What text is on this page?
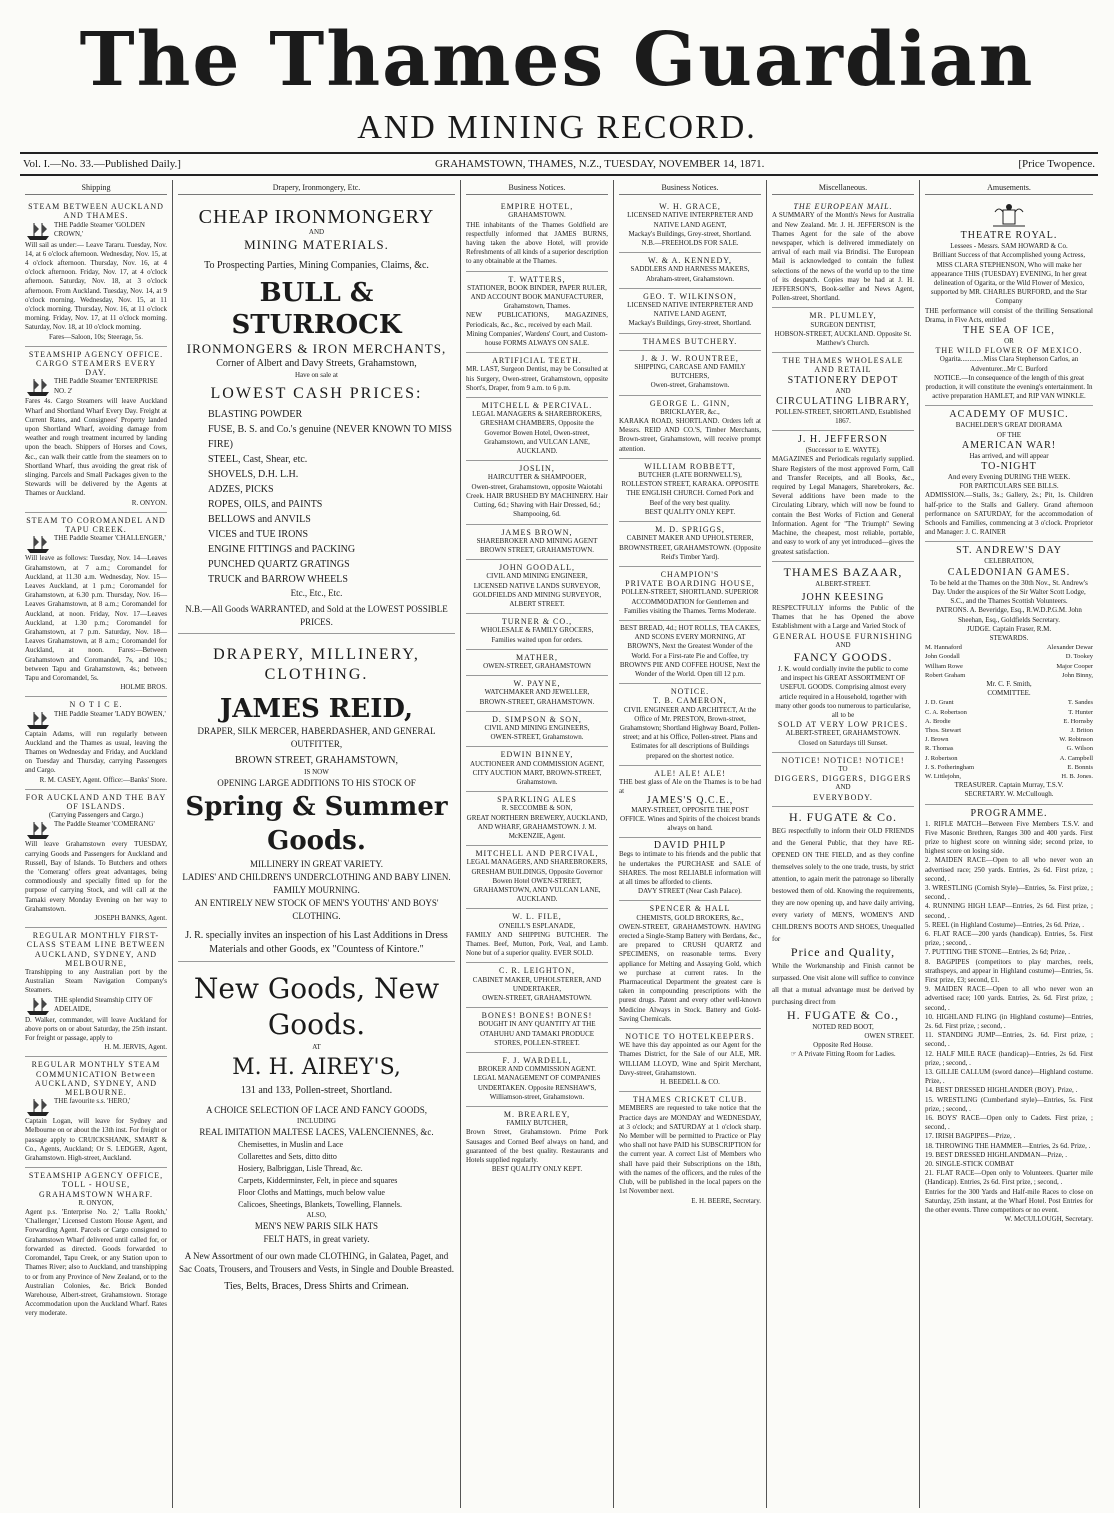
The Thames Guardian
AND MINING RECORD.
Vol. I.—No. 33.—Published Daily.]	GRAHAMSTOWN, THAMES, N.Z., TUESDAY, NOVEMBER 14, 1871.	[Price Twopence.
Shipping
STEAM BETWEEN AUCKLAND AND THAMES.
THE Paddle Steamer 'GOLDEN CROWN,'
Will sail as under:— Leave Tararu. Tuesday, Nov. 14, at 6 o'clock afternoon. Wednesday, Nov. 15, at 4 o'clock afternoon. Thursday, Nov. 16, at 4 o'clock afternoon. Friday, Nov. 17, at 4 o'clock afternoon. Saturday, Nov. 18, at 3 o'clock afternoon. From Auckland. Tuesday, Nov. 14, at 9 o'clock morning. Wednesday, Nov. 15, at 11 o'clock morning. Thursday, Nov. 16, at 11 o'clock morning. Friday, Nov. 17, at 11 o'clock morning. Saturday, Nov. 18, at 10 o'clock morning.
Fares—Saloon, 10s; Steerage, 5s.
STEAMSHIP AGENCY OFFICE.
CARGO STEAMERS EVERY DAY.
THE Paddle Steamer 'ENTERPRISE NO. 2'
Fares 4s. Cargo Steamers will leave Auckland Wharf and Shortland Wharf Every Day. Freight at Current Rates, and Consignees' Property landed upon Shortland Wharf, avoiding damage from weather and rough treatment incurred by landing upon the beach. Shippers of Horses and Cows, &c., can walk their cattle from the steamers on to Shortland Wharf, thus avoiding the great risk of slinging. Parcels and Small Packages given to the Stewards will be delivered by the Agents at Thames or Auckland.
R. ONYON.
STEAM TO COROMANDEL AND TAPU CREEK.
THE Paddle Steamer 'CHALLENGER,'
Will leave as follows: Tuesday, Nov. 14—Leaves Grahamstown, at 7 a.m.; Coromandel for Auckland, at 11.30 a.m. Wednesday, Nov. 15—Leaves Auckland, at 1 p.m.; Coromandel for Grahamstown, at 6.30 p.m. Thursday, Nov. 16—Leaves Grahamstown, at 8 a.m.; Coromandel for Auckland, at noon. Friday, Nov. 17—Leaves Auckland, at 1.30 p.m.; Coromandel for Grahamstown, at 7 p.m. Saturday, Nov. 18—Leaves Grahamstown, at 8 a.m.; Coromandel for Auckland, at noon. Fares:—Between Grahamstown and Coromandel, 7s, and 10s.; between Tapu and Grahamstown, 4s.; between Tapu and Coromandel, 5s.
HOLME BROS.
N O T I C E.
THE Paddle Steamer 'LADY BOWEN,'
Captain Adams, will run regularly between Auckland and the Thames as usual, leaving the Thames on Wednesday and Friday, and Auckland on Tuesday and Thursday, carrying Passengers and Cargo.
R. M. CASEY, Agent. Office:—Banks' Store.
FOR AUCKLAND AND THE BAY OF ISLANDS.
(Carrying Passengers and Cargo.)
The Paddle Steamer 'COMERANG'
Will leave Grahamstown every TUESDAY, carrying Goods and Passengers for Auckland and Russell, Bay of Islands. To Butchers and others the 'Comerang' offers great advantages, being commodiously and specially fitted up for the purpose of carrying Stock, and will call at the Tamaki every Monday Evening on her way to Grahamstown.
JOSEPH BANKS, Agent.
REGULAR MONTHLY FIRST-CLASS STEAM LINE BETWEEN AUCKLAND, SYDNEY, AND MELBOURNE,
Transhipping to any Australian port by the Australian Steam Navigation Company's Steamers.
THE splendid Steamship CITY OF ADELAIDE,
D. Walker, commander, will leave Auckland for above ports on or about Saturday, the 25th instant. For freight or passage, apply to
H. M. JERVIS, Agent.
REGULAR MONTHLY STEAM COMMUNICATION Between AUCKLAND, SYDNEY, AND MELBOURNE.
THE favourite s.s. 'HERO,'
Captain Logan, will leave for Sydney and Melbourne on or about the 13th inst. For freight or passage apply to CRUICKSHANK, SMART & Co., Agents, Auckland; Or S. LEDGER, Agent, Grahamstown. High-street, Auckland.
STEAMSHIP AGENCY OFFICE, TOLL - HOUSE, GRAHAMSTOWN WHARF.
R. ONYON,
Agent p.s. 'Enterprise No. 2,' 'Lalla Rookh,' 'Challenger,' Licensed Custom House Agent, and Forwarding Agent. Parcels or Cargo consigned to Grahamstown Wharf delivered until called for, or forwarded as directed. Goods forwarded to Coromandel, Tapu Creek, or any Station upon to Thames River; also to Auckland, and transhipping to or from any Province of New Zealand, or to the Australian Colonies, &c. Brick Bonded Warehouse, Albert-street, Grahamstown. Storage Accommodation upon the Auckland Wharf. Rates very moderate.
Drapery, Ironmongery, Etc.
CHEAP IRONMONGERY
AND
MINING MATERIALS.
To Prospecting Parties, Mining Companies, Claims, &c.
BULL & STURROCK
IRONMONGERS & IRON MERCHANTS,
Corner of Albert and Davy Streets, Grahamstown,
Have on sale at
LOWEST CASH PRICES:
BLASTING POWDER
FUSE, B. S. and Co.'s genuine (NEVER KNOWN TO MISS FIRE)
STEEL, Cast, Shear, etc.
SHOVELS, D.H. L.H.
ADZES, PICKS
ROPES, OILS, and PAINTS
BELLOWS and ANVILS
VICES and TUE IRONS
ENGINE FITTINGS and PACKING
PUNCHED QUARTZ GRATINGS
TRUCK and BARROW WHEELS
Etc., Etc., Etc.
N.B.—All Goods WARRANTED, and Sold at the LOWEST POSSIBLE PRICES.
DRAPERY, MILLINERY, CLOTHING.
JAMES REID,
DRAPER, SILK MERCER, HABERDASHER, AND GENERAL OUTFITTER,
BROWN STREET, GRAHAMSTOWN,
IS NOW
OPENING LARGE ADDITIONS TO HIS STOCK OF
Spring & Summer Goods.
MILLINERY IN GREAT VARIETY.
LADIES' AND CHILDREN'S UNDERCLOTHING AND BABY LINEN.
FAMILY MOURNING.
AN ENTIRELY NEW STOCK OF MEN'S YOUTHS' AND BOYS' CLOTHING.
J. R. specially invites an inspection of his Last Additions in Dress Materials and other Goods, ex "Countess of Kintore."
New Goods, New Goods.
AT
M. H. AIREY'S,
131 and 133, Pollen-street, Shortland.
A CHOICE SELECTION OF LACE AND FANCY GOODS,
INCLUDING
REAL IMITATION MALTESE LACES, VALENCIENNES, &c.
Chemisettes, in Muslin and Lace
Collarettes and Sets, ditto ditto
Hosiery, Balbriggan, Lisle Thread, &c.
Carpets, Kidderminster, Felt, in piece and squares
Floor Cloths and Mattings, much below value
Calicoes, Sheetings, Blankets, Towelling, Flannels.
ALSO,
MEN'S NEW PARIS SILK HATS
FELT HATS, in great variety.
A New Assortment of our own made CLOTHING, in Galatea, Paget, and Sac Coats, Trousers, and Trousers and Vests, in Single and Double Breasted.
Ties, Belts, Braces, Dress Shirts and Crimean.
Business Notices.
EMPIRE HOTEL,
GRAHAMSTOWN.
THE inhabitants of the Thames Goldfield are respectfully informed that JAMES BURNS, having taken the above Hotel, will provide Refreshments of all kinds of a superior description to any obtainable at the Thames.
T. WATTERS,
STATIONER, BOOK BINDER, PAPER RULER,
AND ACCOUNT BOOK MANUFACTURER, Grahamstown, Thames.
NEW PUBLICATIONS, MAGAZINES, Periodicals, &c., &c., received by each Mail.
Mining Companies', Wardens' Court, and Custom-house FORMS ALWAYS ON SALE.
ARTIFICIAL TEETH.
MR. LAST, Surgeon Dentist, may be Consulted at his Surgery, Owen-street, Grahamstown, opposite Short's, Draper, from 9 a.m. to 6 p.m.
MITCHELL & PERCIVAL.
LEGAL MANAGERS & SHAREBROKERS,
GRESHAM CHAMBERS, Opposite the Governor Bowen Hotel, Owen-street, Grahamstown, and VULCAN LANE, AUCKLAND.
JOSLIN,
HAIRCUTTER & SHAMPOOER,
Owen-street, Grahamstown, opposite Waiotahi Creek. HAIR BRUSHED BY MACHINERY. Hair Cutting, 6d.; Shaving with Hair Dressed, 6d.; Shampooing, 6d.
JAMES BROWN,
SHAREBROKER AND MINING AGENT
BROWN STREET, GRAHAMSTOWN.
JOHN GOODALL,
CIVIL AND MINING ENGINEER,
LICENSED NATIVE LANDS SURVEYOR, GOLDFIELDS AND MINING SURVEYOR, ALBERT STREET.
TURNER & CO.,
WHOLESALE & FAMILY GROCERS,
Families waited upon for orders.
MATHER,
OWEN-STREET, GRAHAMSTOWN
W. PAYNE,
WATCHMAKER AND JEWELLER,
BROWN-STREET, GRAHAMSTOWN.
D. SIMPSON & SON,
CIVIL AND MINING ENGINEERS,
OWEN-STREET, Grahamstown.
EDWIN BINNEY,
AUCTIONEER AND COMMISSION AGENT,
CITY AUCTION MART, BROWN-STREET, Grahamstown.
SPARKLING ALES
R. SECCOMBE & SON,
GREAT NORTHERN BREWERY, AUCKLAND, AND WHARF, GRAHAMSTOWN. J. M. McKENZIE, Agent.
MITCHELL AND PERCIVAL,
LEGAL MANAGERS, AND SHAREBROKERS,
GRESHAM BUILDINGS, Opposite Governor Bowen Hotel OWEN-STREET, GRAHAMSTOWN, AND VULCAN LANE, AUCKLAND.
W. L. FILE,
O'NEILL'S ESPLANADE,
FAMILY AND SHIPPING BUTCHER. The Thames. Beef, Mutton, Pork, Veal, and Lamb. None but of a superior quality. EVER SOLD.
C. R. LEIGHTON,
CABINET MAKER, UPHOLSTERER, AND UNDERTAKER,
OWEN-STREET, GRAHAMSTOWN.
BONES! BONES! BONES!
BOUGHT IN ANY QUANTITY AT THE OTAHUHU AND TAMAKI PRODUCE STORES, POLLEN-STREET.
F. J. WARDELL,
BROKER AND COMMISSION AGENT.
LEGAL MANAGEMENT OF COMPANIES UNDERTAKEN. Opposite RENSHAW'S, Williamson-street, Grahamstown.
M. BREARLEY,
FAMILY BUTCHER,
Brown Street, Grahamstown. Prime Pork Sausages and Corned Beef always on hand, and guaranteed of the best quality. Restaurants and Hotels supplied regularly.
BEST QUALITY ONLY KEPT.
Business Notices.
W. H. GRACE,
LICENSED NATIVE INTERPRETER AND NATIVE LAND AGENT,
Mackay's Buildings, Grey-street, Shortland.
N.B.—FREEHOLDS FOR SALE.
W. & A. KENNEDY,
SADDLERS AND HARNESS MAKERS,
Abraham-street, Grahamstown.
GEO. T. WILKINSON,
LICENSED NATIVE INTERPRETER AND NATIVE LAND AGENT,
Mackay's Buildings, Grey-street, Shortland.
THAMES BUTCHERY.
J. & J. W. ROUNTREE,
SHIPPING, CARCASE AND FAMILY BUTCHERS,
Owen-street, Grahamstown.
GEORGE L. GINN,
BRICKLAYER, &c.,
KARAKA ROAD, SHORTLAND. Orders left at Messrs. REID AND CO.'S, Timber Merchants, Brown-street, Grahamstown, will receive prompt attention.
WILLIAM ROBBETT,
BUTCHER (LATE BORNWELL'S),
ROLLESTON STREET, KARAKA. OPPOSITE THE ENGLISH CHURCH. Corned Pork and Beef of the very best quality.
BEST QUALITY ONLY KEPT.
M. D. SPRIGGS,
CABINET MAKER AND UPHOLSTERER,
BROWNSTREET, GRAHAMSTOWN. (Opposite Reid's Timber Yard).
CHAMPION'S
PRIVATE BOARDING HOUSE,
POLLEN-STREET, SHORTLAND. SUPERIOR ACCOMMODATION for Gentlemen and Families visiting the Thames. Terms Moderate.
BEST BREAD, 4d.; HOT ROLLS, TEA CAKES, AND SCONS EVERY MORNING, AT BROWN'S, Next the Greatest Wonder of the World. For a First-rate Pie and Coffee, try BROWN'S PIE AND COFFEE HOUSE, Next the Wonder of the World. Open till 12 p.m.
NOTICE.
T. B. CAMERON,
CIVIL ENGINEER AND ARCHITECT, At the Office of Mr. PRESTON, Brown-street, Grahamstown; Shortland Highway Board, Pollen-street; and at his Office, Pollen-street. Plans and Estimates for all descriptions of Buildings prepared on the shortest notice.
ALE! ALE! ALE!
THE best glass of Ale on the Thames is to be had at
JAMES'S Q.C.E.,
MARY-STREET, OPPOSITE THE POST OFFICE. Wines and Spirits of the choicest brands always on hand.
DAVID PHILP
Begs to intimate to his friends and the public that he undertakes the PURCHASE and SALE of SHARES. The most RELIABLE information will at all times be afforded to clients.
DAVY STREET (Near Cash Palace).
SPENCER & HALL
CHEMISTS, GOLD BROKERS, &c.,
OWEN-STREET, GRAHAMSTOWN. HAVING erected a Single-Stamp Battery with Berdans, &c., are prepared to CRUSH QUARTZ and SPECIMENS, on reasonable terms. Every appliance for Melting and Assaying Gold, which we purchase at current rates. In the Pharmaceutical Department the greatest care is taken in compounding prescriptions with the purest drugs. Patent and every other well-known Medicine Always in Stock. Battery and Gold-Saving Chemicals.
NOTICE TO HOTELKEEPERS.
WE have this day appointed as our Agent for the Thames District, for the Sale of our ALE, MR. WILLIAM LLOYD, Wine and Spirit Merchant, Davy-street, Grahamstown.
H. BEEDELL & CO.
THAMES CRICKET CLUB.
MEMBERS are requested to take notice that the Practice days are MONDAY and WEDNESDAY, at 3 o'clock; and SATURDAY at 1 o'clock sharp. No Member will be permitted to Practice or Play who shall not have PAID his SUBSCRIPTION for the current year. A correct List of Members who shall have paid their Subscriptions on the 18th, with the names of the officers, and the rules of the Club, will be published in the local papers on the 1st November next.
E. H. BEERE, Secretary.
Miscellaneous.
THE EUROPEAN MAIL.
A SUMMARY of the Month's News for Australia and New Zealand. Mr. J. H. JEFFERSON is the Thames Agent for the sale of the above newspaper, which is delivered immediately on arrival of each mail via Brindisi. The European Mail is acknowledged to contain the fullest selections of the news of the world up to the time of its despatch. Copies may be had at J. H. JEFFERSON'S, Book-seller and News Agent, Pollen-street, Shortland.
MR. PLUMLEY,
SURGEON DENTIST,
HOBSON-STREET, AUCKLAND. Opposite St. Matthew's Church.
THE THAMES WHOLESALE AND RETAIL
STATIONERY DEPOT
AND
CIRCULATING LIBRARY,
POLLEN-STREET, SHORTLAND, Established 1867.
J. H. JEFFERSON
(Successor to E. WAYTE).
MAGAZINES and Periodicals regularly supplied. Share Registers of the most approved Form, Call and Transfer Receipts, and all Books, &c., required by Legal Managers, Sharebrokers, &c. Several additions have been made to the Circulating Library, which will now be found to contain the Best Works of Fiction and General Information. Agent for "The Triumph" Sewing Machine, the cheapest, most reliable, portable, and easy to work of any yet introduced—gives the greatest satisfaction.
THAMES BAZAAR,
ALBERT-STREET.
JOHN KEESING
RESPECTFULLY informs the Public of the Thames that he has Opened the above Establishment with a Large and Varied Stock of
GENERAL HOUSE FURNISHING
AND
FANCY GOODS.
J. K. would cordially invite the public to come and inspect his GREAT ASSORTMENT OF USEFUL GOODS. Comprising almost every article required in a Household, together with many other goods too numerous to particularise, all to be
SOLD AT VERY LOW PRICES.
ALBERT-STREET, GRAHAMSTOWN.
Closed on Saturdays till Sunset.
NOTICE! NOTICE! NOTICE!
TO
DIGGERS, DIGGERS, DIGGERS
AND
EVERYBODY.
H. FUGATE & Co.
BEG respectfully to inform their OLD FRIENDS and the General Public, that they have RE-OPENED ON THE FIELD, and as they confine themselves solely to the one trade, trusts, by strict attention, to again merit the patronage so liberally bestowed them of old. Knowing the requirements, they are now opening up, and have daily arriving, every variety of MEN'S, WOMEN'S AND CHILDREN'S BOOTS AND SHOES, Unequalled for
Price and Quality,
While the Workmanship and Finish cannot be surpassed. One visit alone will suffice to convince all that a mutual advantage must be derived by purchasing direct from
H. FUGATE & Co.,
NOTED RED BOOT,
OWEN STREET.
Opposite Red House.
☞ A Private Fitting Room for Ladies.
Amusements.
THEATRE ROYAL.
Lessees - Messrs. SAM HOWARD & Co.
Brilliant Success of that Accomplished young Actress, MISS CLARA STEPHENSON, Who will make her appearance THIS (TUESDAY) EVENING, In her great delineation of Ogarita, or the Wild Flower of Mexico, supported by MR. CHARLES BURFORD, and the Star Company
THE performance will consist of the thrilling Sensational Drama, in Five Acts, entitled
THE SEA OF ICE,
OR
THE WILD FLOWER OF MEXICO.
Ogarita.............Miss Clara Stephenson Carlos, an Adventurer...Mr C. Burford
NOTICE.—In consequence of the length of this great production, it will constitute the evening's entertainment. In active preparation HAMLET, and RIP VAN WINKLE.
ACADEMY OF MUSIC.
BACHELDER'S GREAT DIORAMA
OF THE
AMERICAN WAR!
Has arrived, and will appear
TO-NIGHT
And every Evening DURING THE WEEK.
FOR PARTICULARS SEE BILLS.
ADMISSION.—Stalls, 3s.; Gallery, 2s.; Pit, 1s. Children half-price to the Stalls and Gallery. Grand afternoon performance on SATURDAY, for the accommodation of Schools and Families, commencing at 3 o'clock. Proprietor and Manager: J. C. RAINER
ST. ANDREW'S DAY
CELEBRATION,
CALEDONIAN GAMES.
To be held at the Thames on the 30th Nov., St. Andrew's Day. Under the auspices of the Sir Walter Scott Lodge, S.C., and the Thames Scottish Volunteers.
PATRONS. A. Beveridge, Esq., R.W.D.P.G.M. John Sheehan, Esq., Goldfields Secretary.
JUDGE. Captain Fraser, R.M.
STEWARDS.
M. Hannaford	Alexander Dewar
John Goodall	D. Tookey
William Rowe	Major Cooper
Robert Graham	John Binny,
Mr. C. F. Smith,
COMMITTEE.
J. D. Grant	T. Sandes
C. A. Robertson	T. Hunter
A. Brodie	E. Hornsby
Thos. Stewart	J. Briton
J. Brown	W. Robinson
R. Thomas	G. Wilson
J. Robertson	A. Campbell
J. S. Fotheringham	E. Bonnis
W. Littlejohn,	H. B. Jones.
TREASURER. Captain Murray, T.S.V.
SECRETARY. W. McCullough.
PROGRAMME.
1. RIFLE MATCH—Between Five Members T.S.V. and Five Masonic Brethren, Ranges 300 and 400 yards. First prize to highest score on winning side; second prize, to highest score on losing side.
2. MAIDEN RACE—Open to all who never won an advertised race; 250 yards. Entries, 2s 6d. First prize, ; second, .
3. WRESTLING (Cornish Style)—Entries, 5s. First prize, ; second, .
4. RUNNING HIGH LEAP—Entries, 2s 6d. First prize, ; second, .
5. REEL (in Highland Costume)—Entries, 2s 6d. Prize, .
6. FLAT RACE—200 yards (handicap). Entries, 5s. First prize, ; second, .
7. PUTTING THE STONE—Entries, 2s 6d; Prize, .
8. BAGPIPES (competitors to play marches, reels, strathspeys, and appear in Highland costume)—Entries, 5s. First prize, £3; second, £1.
9. MAIDEN RACE—Open to all who never won an advertised race; 100 yards. Entries, 2s. 6d. First prize, ; second, .
10. HIGHLAND FLING (in Highland costume)—Entries, 2s. 6d. First prize, ; second, .
11. STANDING JUMP—Entries, 2s. 6d. First prize, ; second, .
12. HALF MILE RACE (handicap)—Entries, 2s 6d. First prize, ; second, .
13. GILLIE CALLUM (sword dance)—Highland costume. Prize, .
14. BEST DRESSED HIGHLANDER (BOY). Prize, .
15. WRESTLING (Cumberland style)—Entries, 5s. First prize, ; second, .
16. BOYS' RACE—Open only to Cadets. First prize, ; second, .
17. IRISH BAGPIPES—Prize, .
18. THROWING THE HAMMER—Entries, 2s 6d. Prize, .
19. BEST DRESSED HIGHLANDMAN—Prize, .
20. SINGLE-STICK COMBAT
21. FLAT RACE—Open only to Volunteers. Quarter mile (Handicap). Entries, 2s 6d. First prize, ; second, .
Entries for the 300 Yards and Half-mile Races to close on Saturday, 25th instant, at the Wharf Hotel. Post Entries for the other events. Three competitors or no event.
W. McCULLOUGH, Secretary.
